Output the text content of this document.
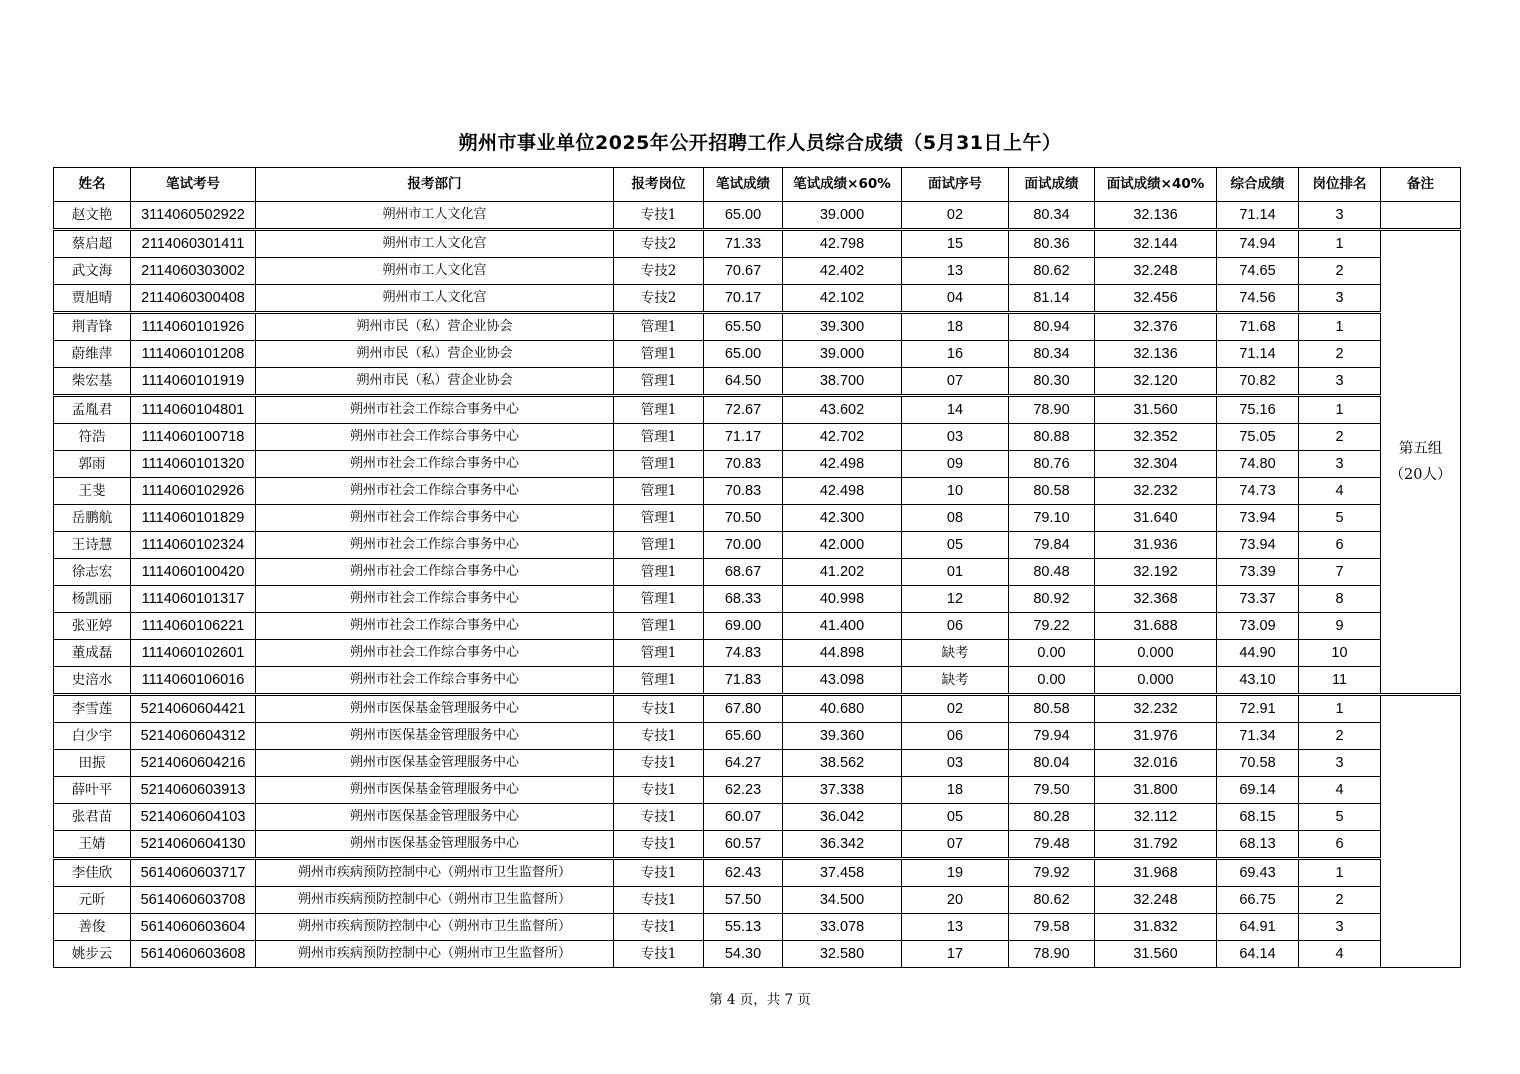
朔州市事业单位2025年公开招聘工作人员综合成绩（5月31日上午）
姓名	笔试考号	报考部门	报考岗位	笔试成绩	笔试成绩×60%	面试序号	面试成绩	面试成绩×40%	综合成绩	岗位排名	备注
赵文艳	3114060502922	朔州市工人文化宫	专技1	65.00	39.000	02	80.34	32.136	71.14	3	
蔡启超	2114060301411	朔州市工人文化宫	专技2	71.33	42.798	15	80.36	32.144	74.94	1	第五组
（20人）

武文海	2114060303002	朔州市工人文化宫	专技2	70.67	42.402	13	80.62	32.248	74.65	2	
贾旭晴	2114060300408	朔州市工人文化宫	专技2	70.17	42.102	04	81.14	32.456	74.56	3	
荆青锋	1114060101926	朔州市民（私）营企业协会	管理1	65.50	39.300	18	80.94	32.376	71.68	1	
蔚维萍	1114060101208	朔州市民（私）营企业协会	管理1	65.00	39.000	16	80.34	32.136	71.14	2	
柴宏基	1114060101919	朔州市民（私）营企业协会	管理1	64.50	38.700	07	80.30	32.120	70.82	3	
孟胤君	1114060104801	朔州市社会工作综合事务中心	管理1	72.67	43.602	14	78.90	31.560	75.16	1	
符浩	1114060100718	朔州市社会工作综合事务中心	管理1	71.17	42.702	03	80.88	32.352	75.05	2	
郭雨	1114060101320	朔州市社会工作综合事务中心	管理1	70.83	42.498	09	80.76	32.304	74.80	3	
王斐	1114060102926	朔州市社会工作综合事务中心	管理1	70.83	42.498	10	80.58	32.232	74.73	4	
岳鹏航	1114060101829	朔州市社会工作综合事务中心	管理1	70.50	42.300	08	79.10	31.640	73.94	5	
王诗慧	1114060102324	朔州市社会工作综合事务中心	管理1	70.00	42.000	05	79.84	31.936	73.94	6	
徐志宏	1114060100420	朔州市社会工作综合事务中心	管理1	68.67	41.202	01	80.48	32.192	73.39	7	
杨凯丽	1114060101317	朔州市社会工作综合事务中心	管理1	68.33	40.998	12	80.92	32.368	73.37	8	
张亚婷	1114060106221	朔州市社会工作综合事务中心	管理1	69.00	41.400	06	79.22	31.688	73.09	9	
董成磊	1114060102601	朔州市社会工作综合事务中心	管理1	74.83	44.898	缺考	0.00	0.000	44.90	10	
史涪水	1114060106016	朔州市社会工作综合事务中心	管理1	71.83	43.098	缺考	0.00	0.000	43.10	11	
李雪莲	5214060604421	朔州市医保基金管理服务中心	专技1	67.80	40.680	02	80.58	32.232	72.91	1	
白少宇	5214060604312	朔州市医保基金管理服务中心	专技1	65.60	39.360	06	79.94	31.976	71.34	2	
田振	5214060604216	朔州市医保基金管理服务中心	专技1	64.27	38.562	03	80.04	32.016	70.58	3	
薛叶平	5214060603913	朔州市医保基金管理服务中心	专技1	62.23	37.338	18	79.50	31.800	69.14	4	
张君苗	5214060604103	朔州市医保基金管理服务中心	专技1	60.07	36.042	05	80.28	32.112	68.15	5	
王婧	5214060604130	朔州市医保基金管理服务中心	专技1	60.57	36.342	07	79.48	31.792	68.13	6	
李佳欣	5614060603717	朔州市疾病预防控制中心（朔州市卫生监督所）	专技1	62.43	37.458	19	79.92	31.968	69.43	1	
元昕	5614060603708	朔州市疾病预防控制中心（朔州市卫生监督所）	专技1	57.50	34.500	20	80.62	32.248	66.75	2	
善俊	5614060603604	朔州市疾病预防控制中心（朔州市卫生监督所）	专技1	55.13	33.078	13	79.58	31.832	64.91	3	
姚步云	5614060603608	朔州市疾病预防控制中心（朔州市卫生监督所）	专技1	54.30	32.580	17	78.90	31.560	64.14	4	
第 4 页，共 7 页
